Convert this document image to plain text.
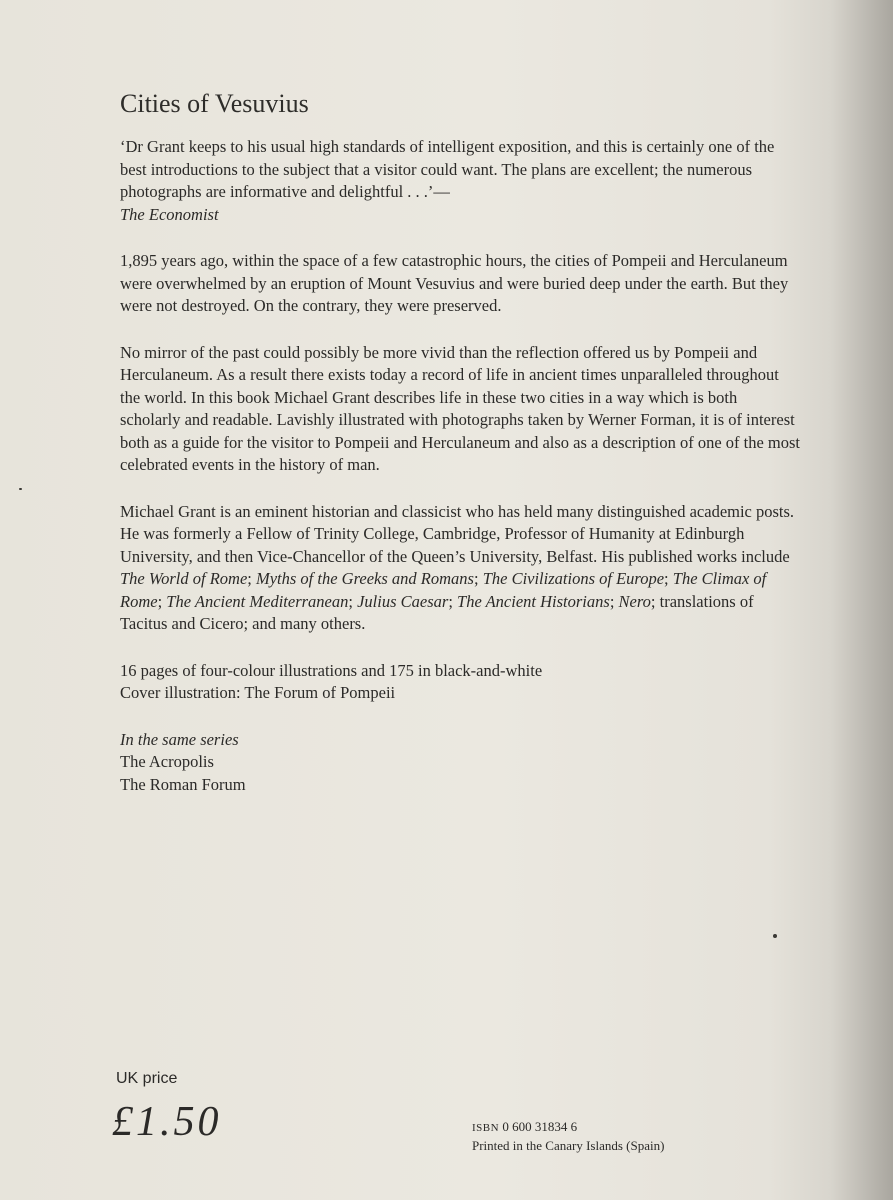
Cities of Vesuvius

‘Dr Grant keeps to his usual high standards of intelligent exposition, and this is certainly one of the best introductions to the subject that a visitor could want. The plans are excellent; the numerous photographs are informative and delightful . . .’—
The Economist

1,895 years ago, within the space of a few catastrophic hours, the cities of Pompeii and Herculaneum were overwhelmed by an eruption of Mount Vesuvius and were buried deep under the earth. But they were not destroyed. On the contrary, they were preserved.

No mirror of the past could possibly be more vivid than the reflection offered us by Pompeii and Herculaneum. As a result there exists today a record of life in ancient times unparalleled throughout the world. In this book Michael Grant describes life in these two cities in a way which is both scholarly and readable. Lavishly illustrated with photographs taken by Werner Forman, it is of interest both as a guide for the visitor to Pompeii and Herculaneum and also as a description of one of the most celebrated events in the history of man.

Michael Grant is an eminent historian and classicist who has held many distinguished academic posts. He was formerly a Fellow of Trinity College, Cambridge, Professor of Humanity at Edinburgh University, and then Vice-Chancellor of the Queen’s University, Belfast. His published works include The World of Rome; Myths of the Greeks and Romans; The Civilizations of Europe; The Climax of Rome; The Ancient Mediterranean; Julius Caesar; The Ancient Historians; Nero; translations of Tacitus and Cicero; and many others.

16 pages of four-colour illustrations and 175 in black-and-white

Cover illustration: The Forum of Pompeii

In the same series

The Acropolis

The Roman Forum

UK price
£1.50	ISBN 0 600 31834 6
Printed in the Canary Islands (Spain)
